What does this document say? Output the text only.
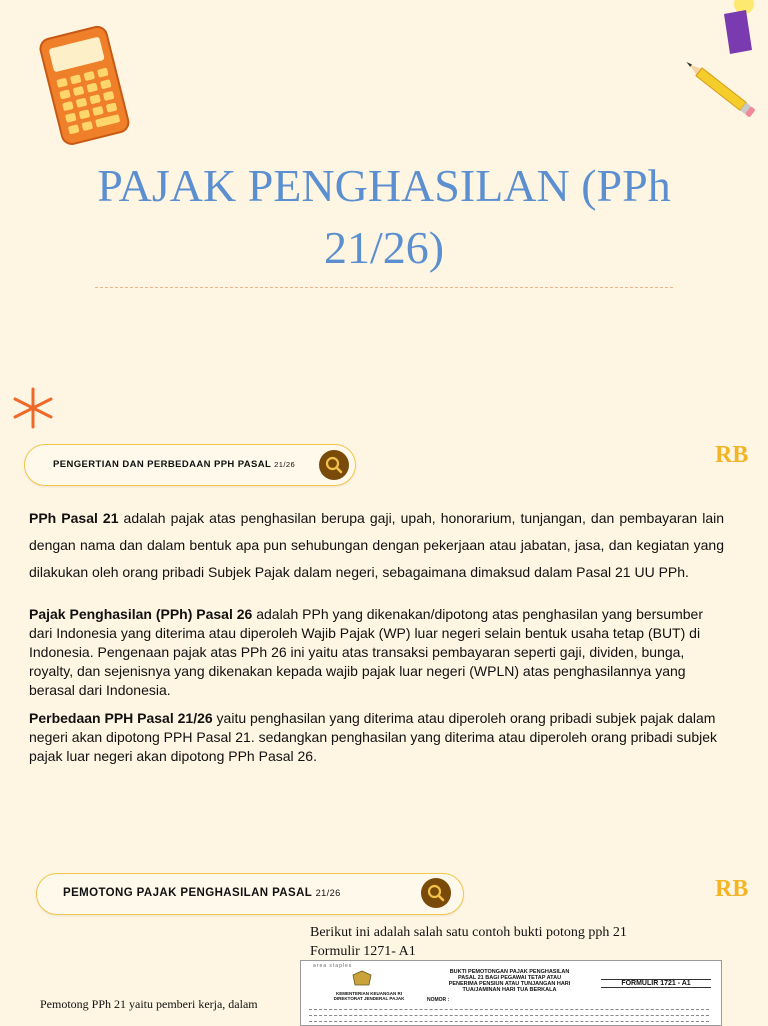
PAJAK PENGHASILAN (PPh 21/26)
PENGERTIAN DAN PERBEDAAN PPH PASAL 21/26	RB
PPh Pasal 21 adalah pajak atas penghasilan berupa gaji, upah, honorarium, tunjangan, dan pembayaran lain dengan nama dan dalam bentuk apa pun sehubungan dengan pekerjaan atau jabatan, jasa, dan kegiatan yang dilakukan oleh orang pribadi Subjek Pajak dalam negeri, sebagaimana dimaksud dalam Pasal 21 UU PPh.
Pajak Penghasilan (PPh) Pasal 26 adalah PPh yang dikenakan/dipotong atas penghasilan yang bersumber dari Indonesia yang diterima atau diperoleh Wajib Pajak (WP) luar negeri selain bentuk usaha tetap (BUT) di Indonesia. Pengenaan pajak atas PPh 26 ini yaitu atas transaksi pembayaran seperti gaji, dividen, bunga, royalty, dan sejenisnya yang dikenakan kepada wajib pajak luar negeri (WPLN) atas penghasilannya yang berasal dari Indonesia.
Perbedaan PPH Pasal 21/26 yaitu penghasilan yang diterima atau diperoleh orang pribadi subjek pajak dalam negeri akan dipotong PPH Pasal 21. sedangkan penghasilan yang diterima atau diperoleh orang pribadi subjek pajak luar negeri akan dipotong PPh Pasal 26.
PEMOTONG PAJAK PENGHASILAN PASAL 21/26	RB
Berikut ini adalah salah satu contoh bukti potong pph 21 Formulir 1271- A1
Pemotong PPh 21 yaitu pemberi kerja, dalam
area staples
KEMENTERIAN KEUANGAN RI DIREKTORAT JENDERAL PAJAK
BUKTI PEMOTONGAN PAJAK PENGHASILAN
PASAL 21 BAGI PEGAWAI TETAP ATAU
PENERIMA PENSIUN ATAU TUNJANGAN HARI
TUA/JAMINAN HARI TUA BERKALA
FORMULIR 1721 - A1
NOMOR :
